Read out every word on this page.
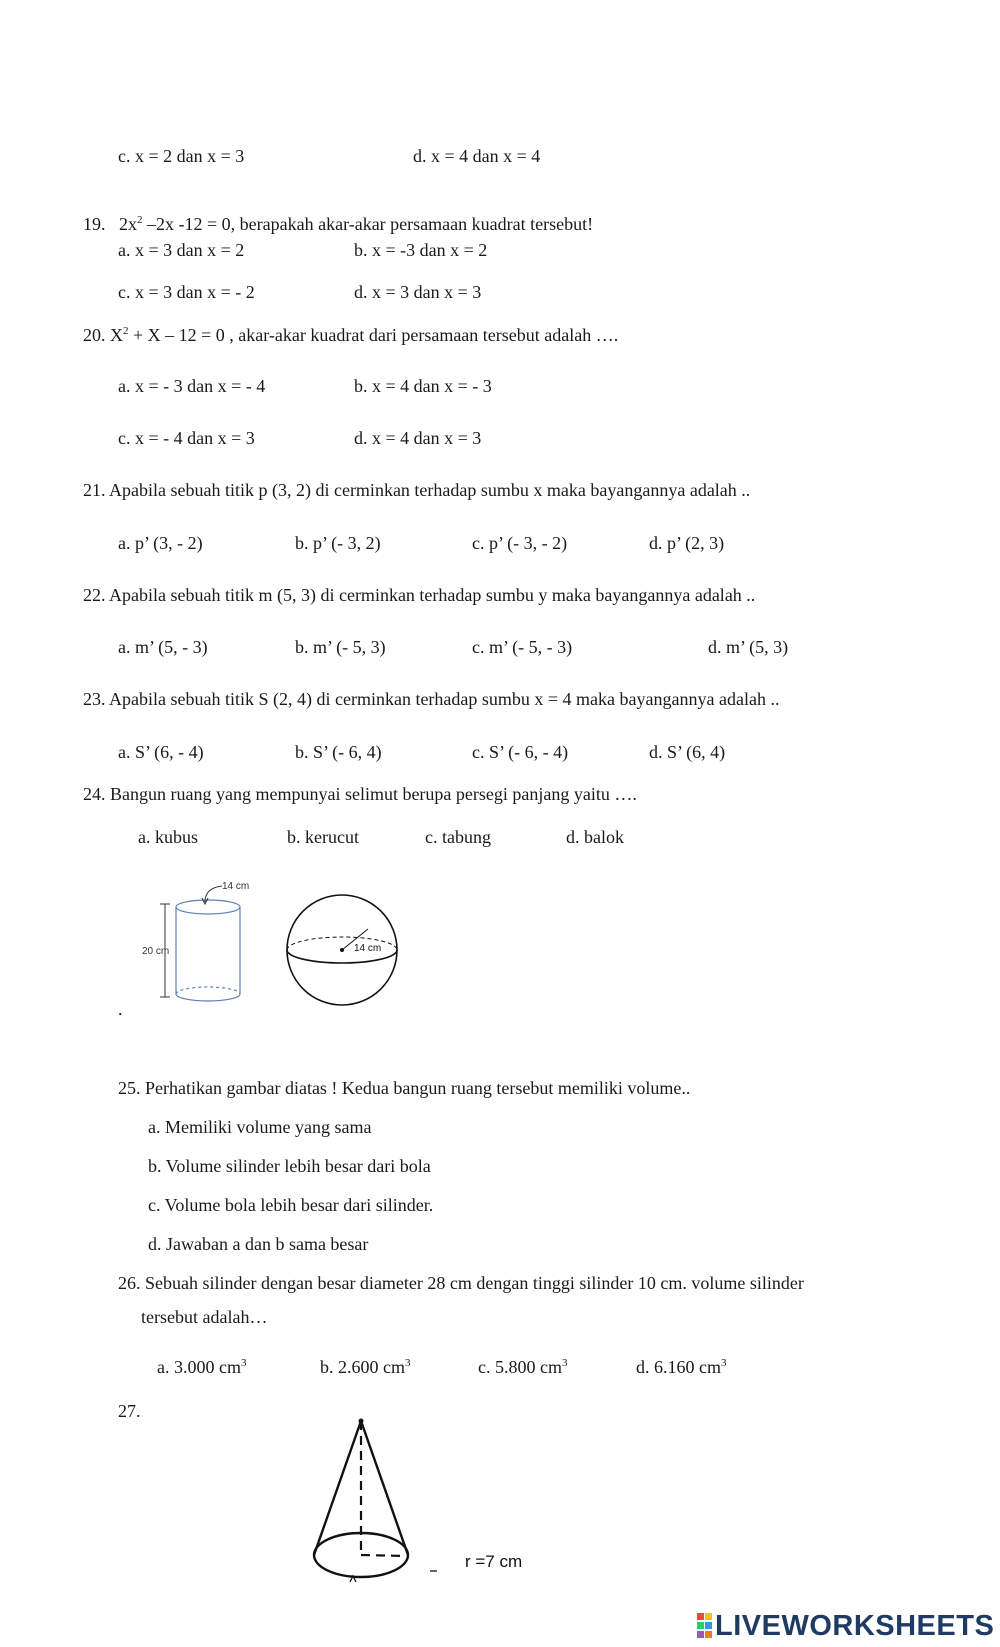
c. x = 2 dan x = 3	d. x = 4 dan x = 4
19. $2x^2$ –2x -12 = 0, berapakah akar-akar persamaan kuadrat tersebut!
a. x = 3 dan x = 2	b. x = -3 dan x = 2
c. x = 3 dan x = - 2	d. x = 3 dan x = 3
20. $X^2 + X - 12 = 0$ , akar-akar kuadrat dari persamaan tersebut adalah ….
a. x = - 3 dan x = - 4	b. x = 4 dan x = - 3
c. x = - 4 dan x = 3	d. x = 4 dan x = 3
21. Apabila sebuah titik p (3, 2) di cerminkan terhadap sumbu x maka bayangannya adalah ..
a. p’ (3, - 2)	b. p’ (- 3, 2)	c. p’ (- 3, - 2)	d. p’ (2, 3)
22. Apabila sebuah titik m (5, 3) di cerminkan terhadap sumbu y maka bayangannya adalah ..
a. m’ (5, - 3)	b. m’ (- 5, 3)	c. m’ (- 5, - 3)	d. m’ (5, 3)
23. Apabila sebuah titik S (2, 4) di cerminkan terhadap sumbu x = 4 maka bayangannya adalah ..
a. S’ (6, - 4)	b. S’ (- 6, 4)	c. S’ (- 6, - 4)	d. S’ (6, 4)
24. Bangun ruang yang mempunyai selimut berupa persegi panjang yaitu ….
a. kubus	b. kerucut	c. tabung	d. balok
20 cm
14 cm
14 cm
.
25. Perhatikan gambar diatas ! Kedua bangun ruang tersebut memiliki volume..
a. Memiliki volume yang sama
b. Volume silinder lebih besar dari bola
c. Volume bola lebih besar dari silinder.
d. Jawaban a dan b sama besar
26. Sebuah silinder dengan besar diameter 28 cm dengan tinggi silinder 10 cm. volume silinder
tersebut adalah…
a. 3.000 $cm^3$	b. 2.600 $cm^3$	c. 5.800 $cm^3$	d. 6.160 $cm^3$
27.
r =7 cm
LIVEWORKSHEETS
